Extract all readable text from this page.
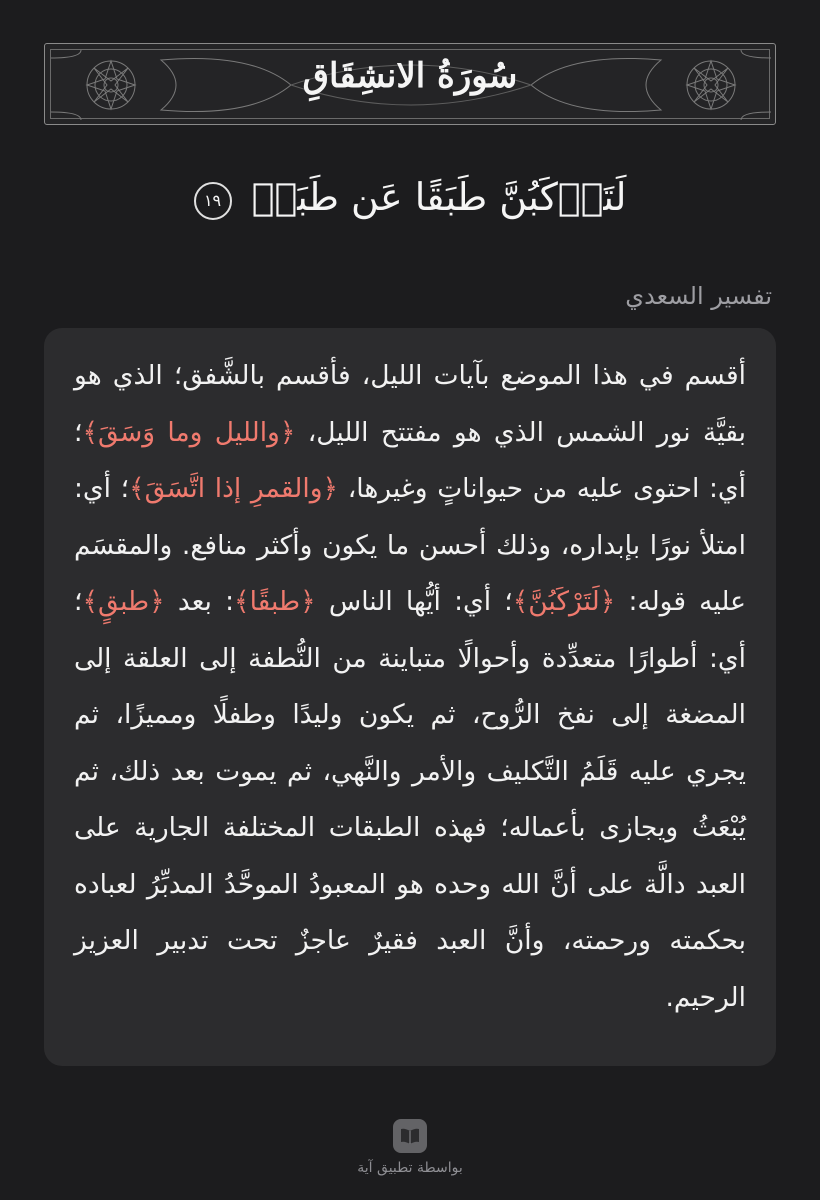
سُورَةُ الانشِقَاقِ
لَتَرۡكَبُنَّ طَبَقًا عَن طَبَقٖ ١٩
تفسير السعدي

أقسم في هذا الموضع بآيات الليل، فأقسم بالشَّفق؛ الذي هو بقيَّة نور الشمس الذي هو مفتتح الليل، ﴿والليل وما وَسَقَ﴾؛ أي: احتوى عليه من حيواناتٍ وغيرها، ﴿والقمرِ إذا اتَّسَقَ﴾؛ أي: امتلأ نورًا بإبداره، وذلك أحسن ما يكون وأكثر منافع. والمقسَم عليه قوله: ﴿لَتَرْكَبُنَّ﴾؛ أي: أيُّها الناس ﴿طبقًا﴾: بعد ﴿طبقٍ﴾؛ أي: أطوارًا متعدِّدة وأحوالًا متباينة من النُّطفة إلى العلقة إلى المضغة إلى نفخ الرُّوح، ثم يكون وليدًا وطفلًا ومميزًا، ثم يجري عليه قَلَمُ التَّكليف والأمر والنَّهي، ثم يموت بعد ذلك، ثم يُبْعَثُ ويجازى بأعماله؛ فهذه الطبقات المختلفة الجارية على العبد دالَّة على أنَّ الله وحده هو المعبودُ الموحَّدُ المدبِّرُ لعباده بحكمته ورحمته، وأنَّ العبد فقيرٌ عاجزٌ تحت تدبير العزيز الرحيم.

بواسطة تطبيق آية
